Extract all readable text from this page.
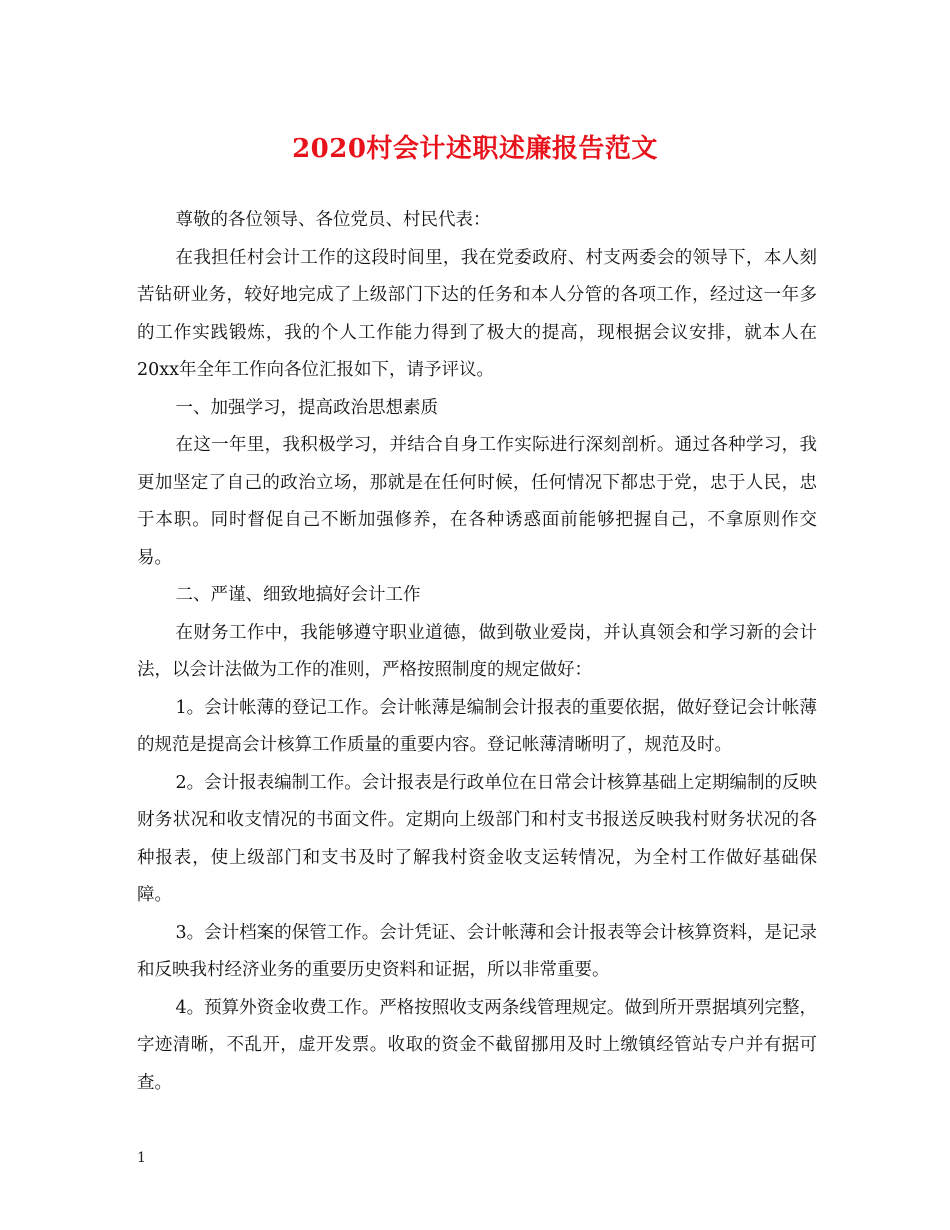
2020村会计述职述廉报告范文

尊敬的各位领导、各位党员、村民代表：

在我担任村会计工作的这段时间里，我在党委政府、村支两委会的领导下，本人刻苦钻研业务，较好地完成了上级部门下达的任务和本人分管的各项工作，经过这一年多的工作实践锻炼，我的个人工作能力得到了极大的提高，现根据会议安排，就本人在20xx年全年工作向各位汇报如下，请予评议。

一、加强学习，提高政治思想素质

在这一年里，我积极学习，并结合自身工作实际进行深刻剖析。通过各种学习，我更加坚定了自己的政治立场，那就是在任何时候，任何情况下都忠于党，忠于人民，忠于本职。同时督促自己不断加强修养，在各种诱惑面前能够把握自己，不拿原则作交易。

二、严谨、细致地搞好会计工作

在财务工作中，我能够遵守职业道德，做到敬业爱岗，并认真领会和学习新的会计法，以会计法做为工作的准则，严格按照制度的规定做好：

1。会计帐薄的登记工作。会计帐薄是编制会计报表的重要依据，做好登记会计帐薄的规范是提高会计核算工作质量的重要内容。登记帐薄清晰明了，规范及时。

2。会计报表编制工作。会计报表是行政单位在日常会计核算基础上定期编制的反映财务状况和收支情况的书面文件。定期向上级部门和村支书报送反映我村财务状况的各种报表，使上级部门和支书及时了解我村资金收支运转情况，为全村工作做好基础保障。

3。会计档案的保管工作。会计凭证、会计帐薄和会计报表等会计核算资料，是记录和反映我村经济业务的重要历史资料和证据，所以非常重要。

4。预算外资金收费工作。严格按照收支两条线管理规定。做到所开票据填列完整，字迹清晰，不乱开，虚开发票。收取的资金不截留挪用及时上缴镇经管站专户并有据可查。

1
